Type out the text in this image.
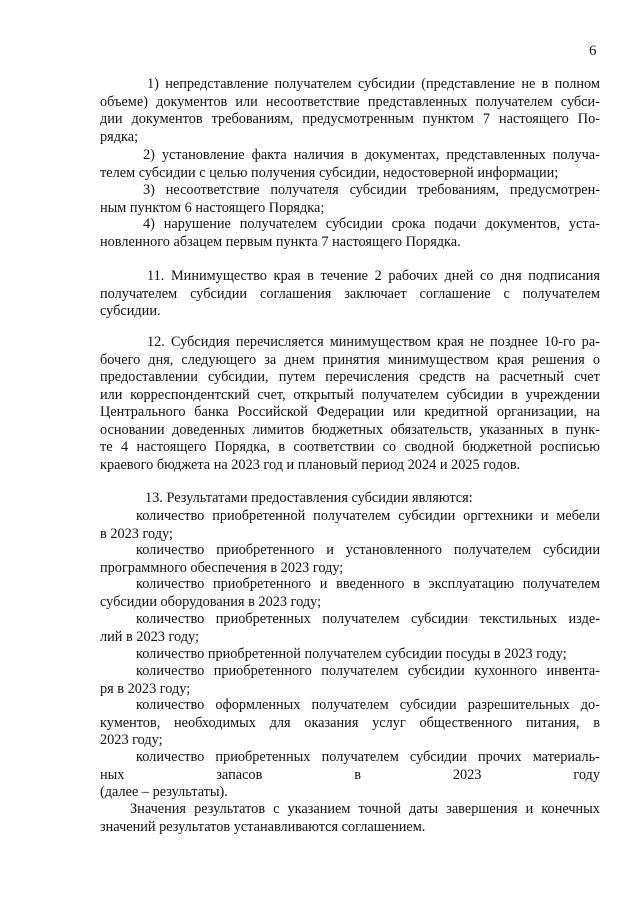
6
1) непредставление получателем субсидии (представление не в полном
объеме) документов или несоответствие представленных получателем субси-
дии документов требованиям, предусмотренным пунктом 7 настоящего По-
рядка;
2) установление факта наличия в документах, представленных получа-
телем субсидии с целью получения субсидии, недостоверной информации;
3) несоответствие получателя субсидии требованиям, предусмотрен-
ным пунктом 6 настоящего Порядка;
4) нарушение получателем субсидии срока подачи документов, уста-
новленного абзацем первым пункта 7 настоящего Порядка.
11. Минимущество края в течение 2 рабочих дней со дня подписания
получателем субсидии соглашения заключает соглашение с получателем
субсидии.
12. Субсидия перечисляется минимуществом края не позднее 10-го ра-
бочего дня, следующего за днем принятия минимуществом края решения о
предоставлении субсидии, путем перечисления средств на расчетный счет
или корреспондентский счет, открытый получателем субсидии в учреждении
Центрального банка Российской Федерации или кредитной организации, на
основании доведенных лимитов бюджетных обязательств, указанных в пунк-
те 4 настоящего Порядка, в соответствии со сводной бюджетной росписью
краевого бюджета на 2023 год и плановый период 2024 и 2025 годов.
13. Результатами предоставления субсидии являются:
количество приобретенной получателем субсидии оргтехники и мебели
в 2023 году;
количество приобретенного и установленного получателем субсидии
программного обеспечения в 2023 году;
количество приобретенного и введенного в эксплуатацию получателем
субсидии оборудования в 2023 году;
количество приобретенных получателем субсидии текстильных изде-
лий в 2023 году;
количество приобретенной получателем субсидии посуды в 2023 году;
количество приобретенного получателем субсидии кухонного инвента-
ря в 2023 году;
количество оформленных получателем субсидии разрешительных до-
кументов, необходимых для оказания услуг общественного питания, в
2023 году;
количество приобретенных получателем субсидии прочих материаль-
ных	запасов	в	2023	году
(далее – результаты).
Значения результатов с указанием точной даты завершения и конечных
значений результатов устанавливаются соглашением.
